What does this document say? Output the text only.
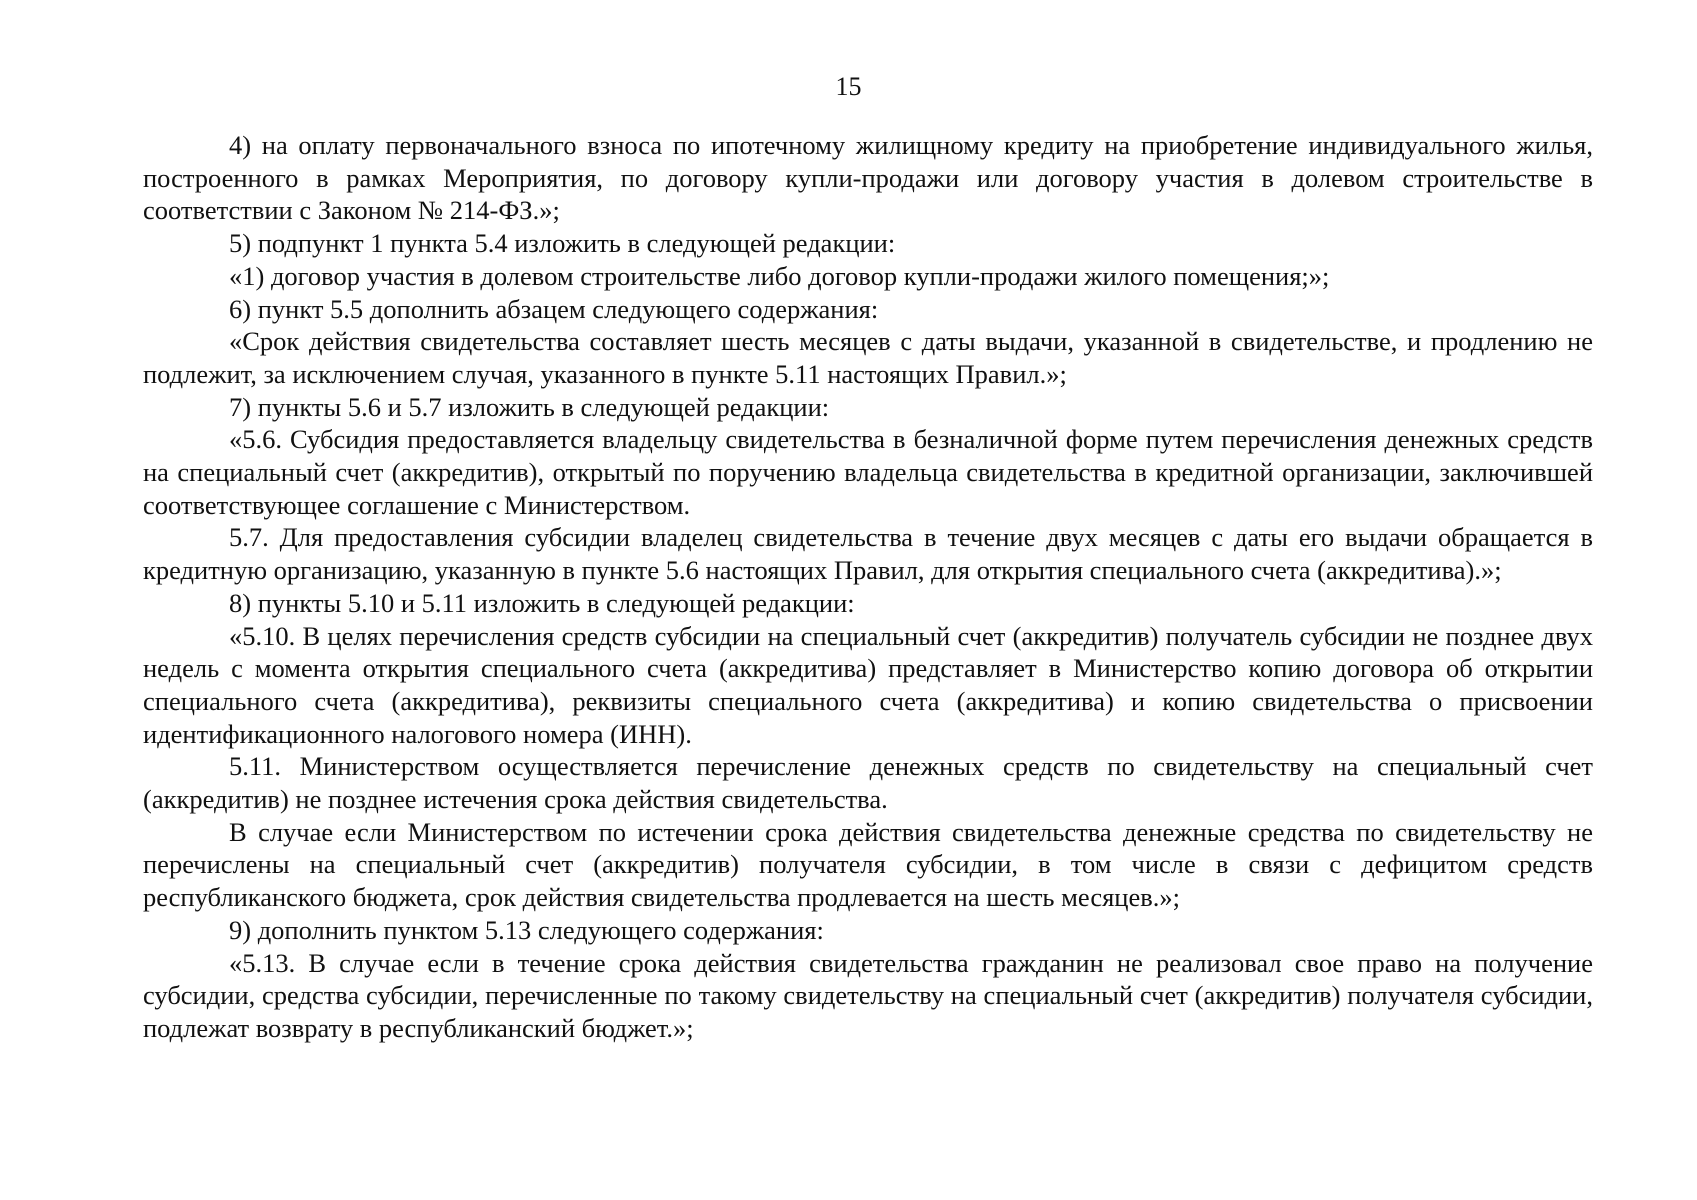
15

4) на оплату первоначального взноса по ипотечному жилищному кредиту на приобретение индивидуального жилья, построенного в рамках Мероприятия, по договору купли-продажи или договору участия в долевом строительстве в соответствии с Законом № 214-ФЗ.»;

5) подпункт 1 пункта 5.4 изложить в следующей редакции:

«1) договор участия в долевом строительстве либо договор купли-продажи жилого помещения;»;

6) пункт 5.5 дополнить абзацем следующего содержания:

«Срок действия свидетельства составляет шесть месяцев с даты выдачи, указанной в свидетельстве, и продлению не подлежит, за исключением случая, указанного в пункте 5.11 настоящих Правил.»;

7) пункты 5.6 и 5.7 изложить в следующей редакции:

«5.6. Субсидия предоставляется владельцу свидетельства в безналичной форме путем перечисления денежных средств на специальный счет (аккредитив), открытый по поручению владельца свидетельства в кредитной организации, заключившей соответствующее соглашение с Министерством.

5.7. Для предоставления субсидии владелец свидетельства в течение двух месяцев с даты его выдачи обращается в кредитную организацию, указанную в пункте 5.6 настоящих Правил, для открытия специального счета (аккредитива).»;

8) пункты 5.10 и 5.11 изложить в следующей редакции:

«5.10. В целях перечисления средств субсидии на специальный счет (аккредитив) получатель субсидии не позднее двух недель с момента открытия специального счета (аккредитива) представляет в Министерство копию договора об открытии специального счета (аккредитива), реквизиты специального счета (аккредитива) и копию свидетельства о присвоении идентификационного налогового номера (ИНН).

5.11. Министерством осуществляется перечисление денежных средств по свидетельству на специальный счет (аккредитив) не позднее истечения срока действия свидетельства.

В случае если Министерством по истечении срока действия свидетельства денежные средства по свидетельству не перечислены на специальный счет (аккредитив) получателя субсидии, в том числе в связи с дефицитом средств республиканского бюджета, срок действия свидетельства продлевается на шесть месяцев.»;

9) дополнить пунктом 5.13 следующего содержания:

«5.13. В случае если в течение срока действия свидетельства гражданин не реализовал свое право на получение субсидии, средства субсидии, перечисленные по такому свидетельству на специальный счет (аккредитив) получателя субсидии, подлежат возврату в республиканский бюджет.»;
